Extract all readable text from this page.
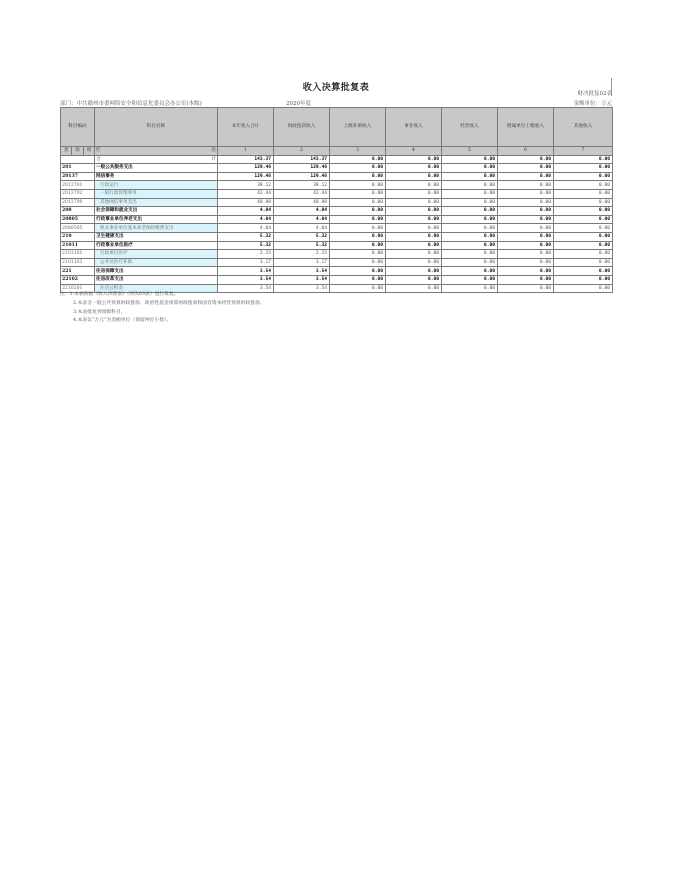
收入决算批复表
财决批复02表
部门：中共赣州市委网络安全和信息化委员会办公室(本级)	2020年度	金额单位：万元
科目编码	科目名称	本年收入合计	财政拨款收入	上级补助收入	事业收入	经营收入	附属单位上缴收入	其他收入

类 款 项	栏 次	1	2	3	4	5	6	7
	合 计	143.37	143.37	0.00	0.00	0.00	0.00	0.00
201	一般公共服务支出	129.46	129.46	0.00	0.00	0.00	0.00	0.00
20137	网信事务	129.46	129.46	0.00	0.00	0.00	0.00	0.00
2013701	行政运行	38.12	38.12	0.00	0.00	0.00	0.00	0.00
2013702	一般行政管理事务	42.44	42.44	0.00	0.00	0.00	0.00	0.00
2013799	其他网信事务支出	48.90	48.90	0.00	0.00	0.00	0.00	0.00
208	社会保障和就业支出	4.04	4.04	0.00	0.00	0.00	0.00	0.00
20805	行政事业单位养老支出	4.04	4.04	0.00	0.00	0.00	0.00	0.00
2080505	机关事业单位基本养老保险缴费支出	4.04	4.04	0.00	0.00	0.00	0.00	0.00
210	卫生健康支出	5.32	5.32	0.00	0.00	0.00	0.00	0.00
21011	行政事业单位医疗	5.32	5.32	0.00	0.00	0.00	0.00	0.00
2101101	行政单位医疗	2.15	2.15	0.00	0.00	0.00	0.00	0.00
2101103	公务员医疗补助	3.17	3.17	0.00	0.00	0.00	0.00	0.00
221	住房保障支出	3.54	3.54	0.00	0.00	0.00	0.00	0.00
22102	住房改革支出	3.54	3.54	0.00	0.00	0.00	0.00	0.00
2210201	住房公积金	3.54	3.54	0.00	0.00	0.00	0.00	0.00
注：1.本表依据《收入决算表》（财决03表）进行批复。
2.本表含一般公共预算财政拨款、政府性基金预算财政拨款和国有资本经营预算财政拨款。
3.本表批复到项级科目。
4.本表以“万元”为金额单位（保留两位小数）。
